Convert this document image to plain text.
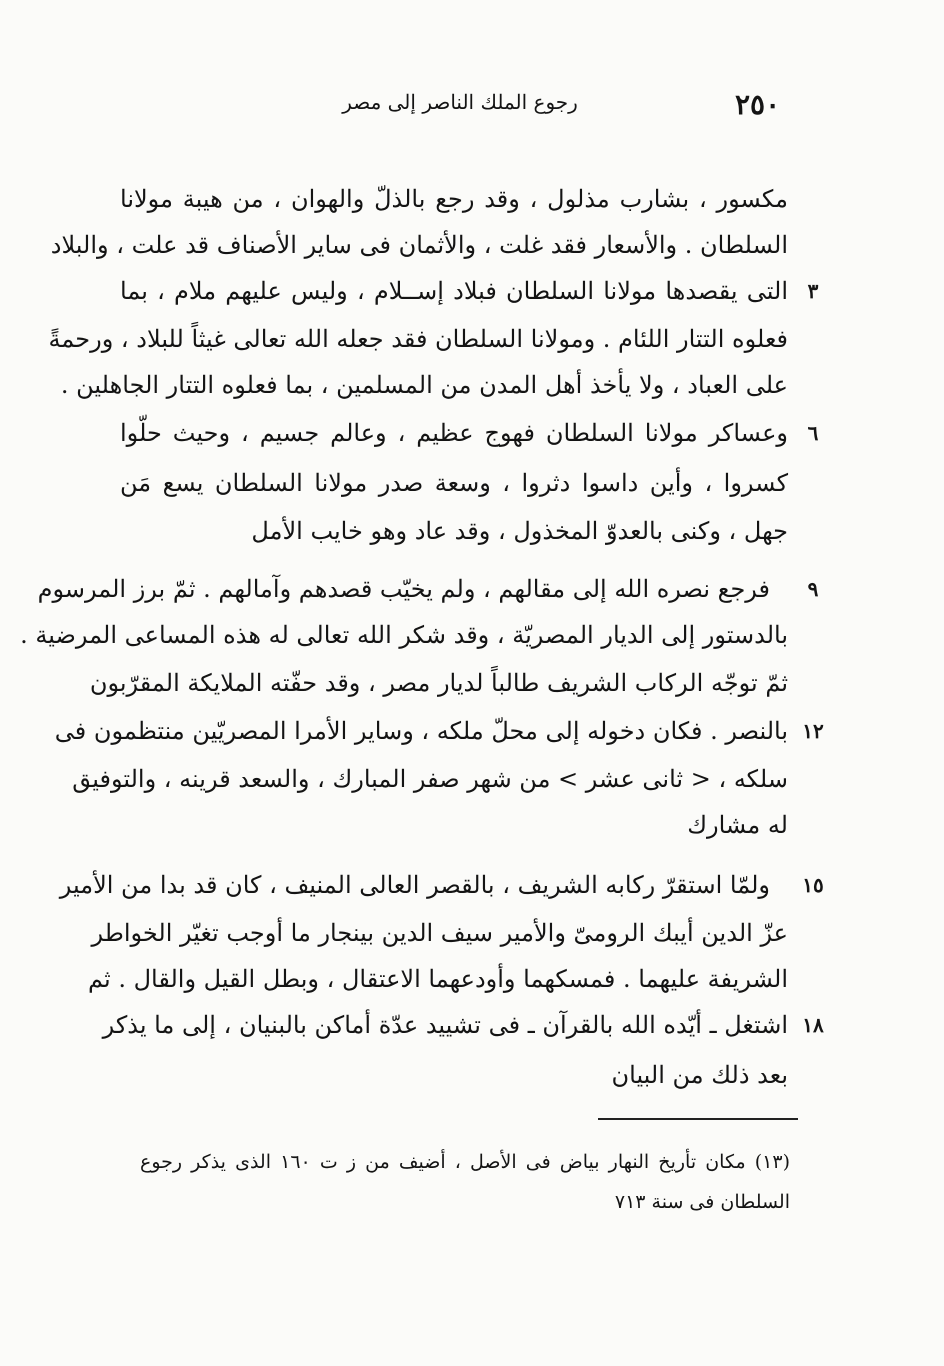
٢٥٠
رجوع الملك الناصر إلى مصر
مكسور ، بشارب مذلول ، وقد رجع بالذلّ والهوان ، من هيبة مولانا
السلطان . والأسعار فقد غلت ، والأثمان فى ساير الأصناف قد علت ، والبلاد
٣
التى يقصدها مولانا السلطان فبلاد إســلام ، وليس عليهم ملام ، بما
فعلوه التتار اللئام . ومولانا السلطان فقد جعله الله تعالى غيثاً للبلاد ، ورحمةً
على العباد ، ولا يأخذ أهل المدن من المسلمين ، بما فعلوه التتار الجاهلين .
٦
وعساكر مولانا السلطان فهوج عظيم ، وعالم جسيم ، وحيث حلّوا
كسروا ، وأين داسوا دثروا ، وسعة صدر مولانا السلطان يسع مَن
جهل ، وكنى بالعدوّ المخذول ، وقد عاد وهو خايب الأمل
٩
فرجع نصره الله إلى مقالهم ، ولم يخيّب قصدهم وآمالهم . ثمّ برز المرسوم
بالدستور إلى الديار المصريّة ، وقد شكر الله تعالى له هذه المساعى المرضية .
ثمّ توجّه الركاب الشريف طالباً لديار مصر ، وقد حفّته الملايكة المقرّبون
١٢
بالنصر . فكان دخوله إلى محلّ ملكه ، وساير الأمرا المصريّين منتظمون فى
سلكه ، < ثانى عشر > من شهر صفر المبارك ، والسعد قرينه ، والتوفيق
له مشارك
١٥
ولمّا استقرّ ركابه الشريف ، بالقصر العالى المنيف ، كان قد بدا من الأمير
عزّ الدين أيبك الرومىّ والأمير سيف الدين بينجار ما أوجب تغيّر الخواطر
الشريفة عليهما . فمسكهما وأودعهما الاعتقال ، وبطل القيل والقال . ثم
١٨
اشتغل ـ أيّده الله بالقرآن ـ فى تشييد عدّة أماكن بالبنيان ، إلى ما يذكر
بعد ذلك من البيان
(١٣) مكان تأريخ النهار بياض فى الأصل ، أضيف من ز ت ١٦٠ الذى يذكر رجوع
السلطان فى سنة ٧١٣
